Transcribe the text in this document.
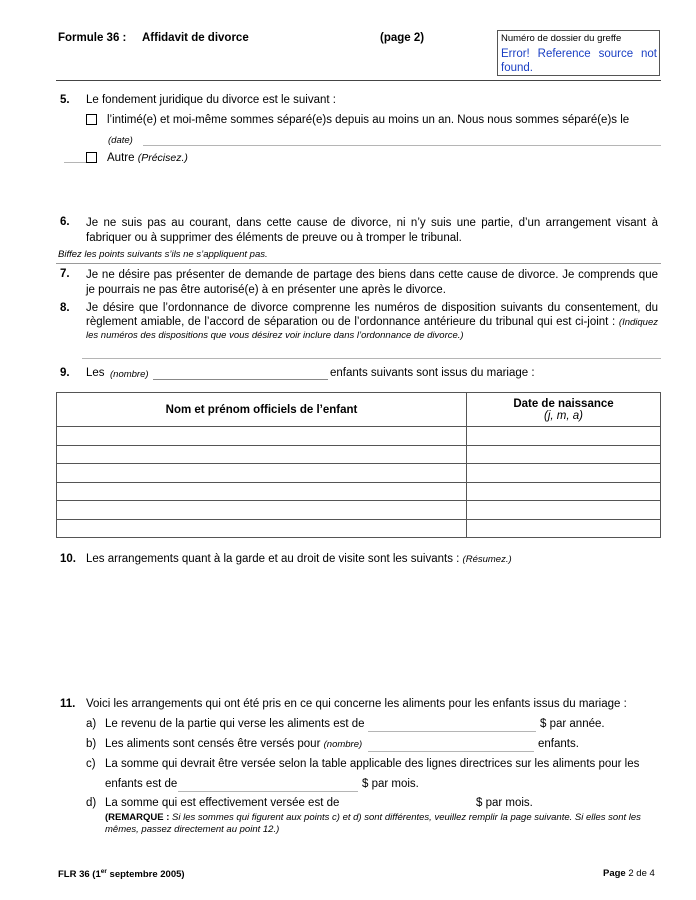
Formule 36 : Affidavit de divorce	(page 2)	Numéro de dossier du greffe
Error! Reference source not found.
5. Le fondement juridique du divorce est le suivant :
l’intimé(e) et moi-même sommes séparé(e)s depuis au moins un an. Nous nous sommes séparé(e)s le
(date)
Autre (Précisez.)
6. Je ne suis pas au courant, dans cette cause de divorce, ni n’y suis une partie, d’un arrangement visant à fabriquer ou à supprimer des éléments de preuve ou à tromper le tribunal.
Biffez les points suivants s’ils ne s’appliquent pas.
7. Je ne désire pas présenter de demande de partage des biens dans cette cause de divorce. Je comprends que je pourrais ne pas être autorisé(e) à en présenter une après le divorce.
8. Je désire que l’ordonnance de divorce comprenne les numéros de disposition suivants du consentement, du règlement amiable, de l’accord de séparation ou de l’ordonnance antérieure du tribunal qui est ci-joint : (Indiquez les numéros des dispositions que vous désirez voir inclure dans l’ordonnance de divorce.)
9. Les (nombre)	enfants suivants sont issus du mariage :
Nom et prénom officiels de l’enfant	Date de naissance
(j, m, a)

10. Les arrangements quant à la garde et au droit de visite sont les suivants : (Résumez.)
11. Voici les arrangements qui ont été pris en ce qui concerne les aliments pour les enfants issus du mariage :
a) Le revenu de la partie qui verse les aliments est de	$ par année.
b) Les aliments sont censés être versés pour (nombre)	enfants.
c) La somme qui devrait être versée selon la table applicable des lignes directrices sur les aliments pour les
enfants est de	$ par mois.
d) La somme qui est effectivement versée est de	$ par mois.
(REMARQUE : Si les sommes qui figurent aux points c) et d) sont différentes, veuillez remplir la page suivante. Si elles sont les mêmes, passez directement au point 12.)
FLR 36 (1er septembre 2005)	Page 2 de 4
